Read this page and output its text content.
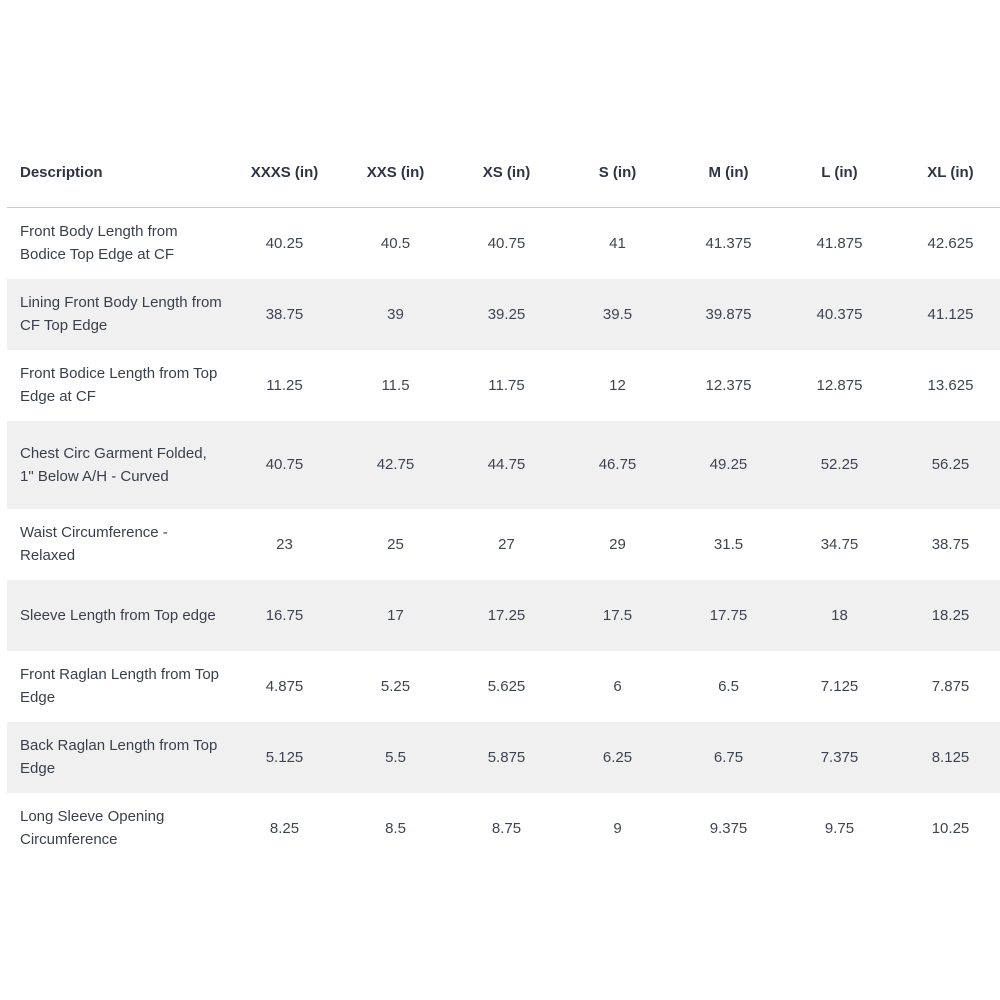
Description	XXXS (in)	XXS (in)	XS (in)	S (in)	M (in)	L (in)	XL (in)
Front Body Length from Bodice Top Edge at CF	40.25	40.5	40.75	41	41.375	41.875	42.625
Lining Front Body Length from CF Top Edge	38.75	39	39.25	39.5	39.875	40.375	41.125
Front Bodice Length from Top Edge at CF	11.25	11.5	11.75	12	12.375	12.875	13.625
Chest Circ Garment Folded, 1" Below A/H - Curved	40.75	42.75	44.75	46.75	49.25	52.25	56.25
Waist Circumference - Relaxed	23	25	27	29	31.5	34.75	38.75
Sleeve Length from Top edge	16.75	17	17.25	17.5	17.75	18	18.25
Front Raglan Length from Top Edge	4.875	5.25	5.625	6	6.5	7.125	7.875
Back Raglan Length from Top Edge	5.125	5.5	5.875	6.25	6.75	7.375	8.125
Long Sleeve Opening Circumference	8.25	8.5	8.75	9	9.375	9.75	10.25
